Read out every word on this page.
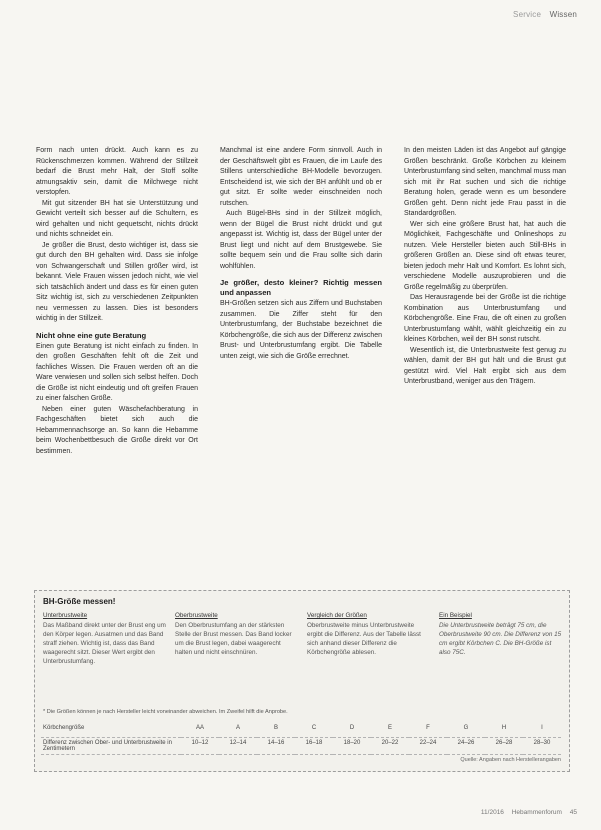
Service Wissen

Form nach unten drückt. Auch kann es zu Rückenschmerzen kommen. Während der Stillzeit bedarf die Brust mehr Halt, der Stoff sollte atmungsaktiv sein, damit die Milchwege nicht verstopfen.

Mit gut sitzender BH hat sie Unterstützung und Gewicht verteilt sich besser auf die Schultern, es wird gehalten und nicht gequetscht, nichts drückt und nichts schneidet ein.

Je größer die Brust, desto wichtiger ist, dass sie gut durch den BH gehalten wird. Dass sie infolge von Schwangerschaft und Stillen größer wird, ist bekannt. Viele Frauen wissen jedoch nicht, wie viel sich tatsächlich ändert und dass es für einen guten Sitz wichtig ist, sich zu verschiedenen Zeitpunkten neu vermessen zu lassen. Dies ist besonders wichtig in der Stillzeit.

Nicht ohne eine gute Beratung

Einen gute Beratung ist nicht einfach zu finden. In den großen Geschäften fehlt oft die Zeit und fachliches Wissen. Die Frauen werden oft an die Ware verwiesen und sollen sich selbst helfen. Doch die Größe ist nicht eindeutig und oft greifen Frauen zu einer falschen Größe.

Neben einer guten Wäschefachberatung in Fachgeschäften bietet sich auch die Hebammennachsorge an. So kann die Hebamme beim Wochenbettbesuch die Größe direkt vor Ort bestimmen.

Manchmal ist eine andere Form sinnvoll. Auch in der Geschäftswelt gibt es Frauen, die im Laufe des Stillens unterschiedliche BH-Modelle bevorzugen. Entscheidend ist, wie sich der BH anfühlt und ob er gut sitzt. Er sollte weder einschneiden noch rutschen.

Auch Bügel-BHs sind in der Stillzeit möglich, wenn der Bügel die Brust nicht drückt und gut angepasst ist. Wichtig ist, dass der Bügel unter der Brust liegt und nicht auf dem Brustgewebe. Sie sollte bequem sein und die Frau sollte sich darin wohlfühlen.

Je größer, desto kleiner? Richtig messen und anpassen

BH-Größen setzen sich aus Ziffern und Buchstaben zusammen. Die Ziffer steht für den Unterbrustumfang, der Buchstabe bezeichnet die Körbchengröße, die sich aus der Differenz zwischen Brust- und Unterbrustumfang ergibt. Die Tabelle unten zeigt, wie sich die Größe errechnet.

In den meisten Läden ist das Angebot auf gängige Größen beschränkt. Große Körbchen zu kleinem Unterbrustumfang sind selten, manchmal muss man sich mit ihr Rat suchen und sich die richtige Beratung holen, gerade wenn es um besondere Größen geht. Denn nicht jede Frau passt in die Standardgrößen.

Wer sich eine größere Brust hat, hat auch die Möglichkeit, Fachgeschäfte und Onlineshops zu nutzen. Viele Hersteller bieten auch Still-BHs in größeren Größen an. Diese sind oft etwas teurer, bieten jedoch mehr Halt und Komfort. Es lohnt sich, verschiedene Modelle auszuprobieren und die Größe regelmäßig zu überprüfen.

Das Herausragende bei der Größe ist die richtige Kombination aus Unterbrustumfang und Körbchengröße. Eine Frau, die oft einen zu großen Unterbrustumfang wählt, wählt gleichzeitig ein zu kleines Körbchen, weil der BH sonst rutscht.

Wesentlich ist, die Unterbrustweite fest genug zu wählen, damit der BH gut hält und die Brust gut gestützt wird. Viel Halt ergibt sich aus dem Unterbrustband, weniger aus den Trägern.

BH-Größe messen!
Unterbrustweite
Das Maßband direkt unter der Brust eng um den Körper legen. Ausatmen und das Band straff ziehen. Wichtig ist, dass das Band waagerecht sitzt. Dieser Wert ergibt den Unterbrustumfang.
Oberbrustweite
Den Oberbrustumfang an der stärksten Stelle der Brust messen. Das Band locker um die Brust legen, dabei waagerecht halten und nicht einschnüren.
Vergleich der Größen
Oberbrustweite minus Unterbrustweite ergibt die Differenz. Aus der Tabelle lässt sich anhand dieser Differenz die Körbchengröße ablesen.
Ein Beispiel
Die Unterbrustweite beträgt 75 cm, die Oberbrustweite 90 cm. Die Differenz von 15 cm ergibt Körbchen C. Die BH-Größe ist also 75C.
* Die Größen können je nach Hersteller leicht voneinander abweichen. Im Zweifel hilft die Anprobe.
Körbchengröße	AA	A	B	C	D	E	F	G	H	I
Differenz zwischen Ober- und Unterbrustweite in Zentimetern	10–12	12–14	14–16	16–18	18–20	20–22	22–24	24–26	26–28	28–30
Quelle: Angaben nach Herstellerangaben
11/2016 Hebammenforum 45
